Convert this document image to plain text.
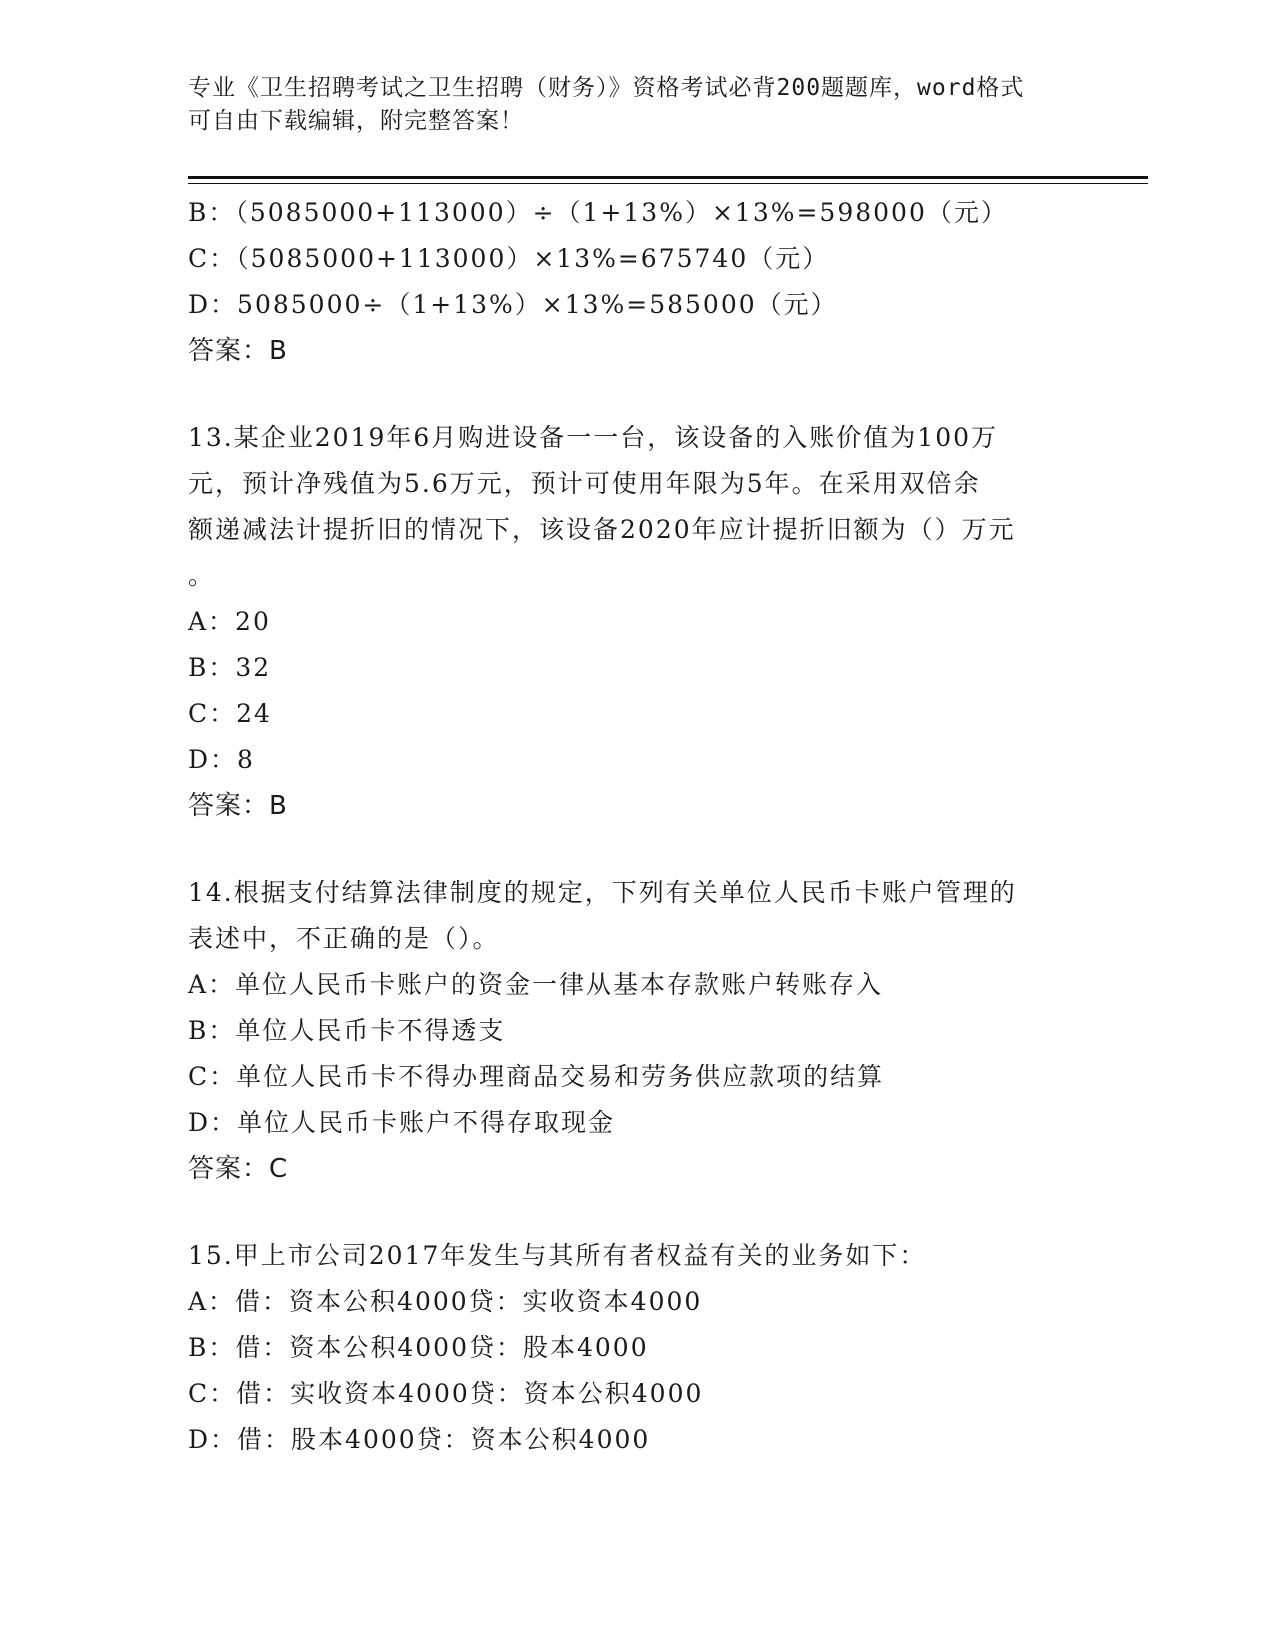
专业《卫生招聘考试之卫生招聘（财务）》资格考试必背200题题库，word格式
可自由下载编辑，附完整答案！
B：（5085000+113000）÷（1+13%）×13%=598000（元）
C：（5085000+113000）×13%=675740（元）
D：5085000÷（1+13%）×13%=585000（元）
答案：B
13.某企业2019年6月购进设备一一台，该设备的入账价值为100万
元，预计净残值为5.6万元，预计可使用年限为5年。在采用双倍余
额递减法计提折旧的情况下，该设备2020年应计提折旧额为（）万元
。
A：20
B：32
C：24
D：8
答案：B
14.根据支付结算法律制度的规定，下列有关单位人民币卡账户管理的
表述中，不正确的是（）。
A：单位人民币卡账户的资金一律从基本存款账户转账存入
B：单位人民币卡不得透支
C：单位人民币卡不得办理商品交易和劳务供应款项的结算
D：单位人民币卡账户不得存取现金
答案：C
15.甲上市公司2017年发生与其所有者权益有关的业务如下：
A：借：资本公积4000贷：实收资本4000
B：借：资本公积4000贷：股本4000
C：借：实收资本4000贷：资本公积4000
D：借：股本4000贷：资本公积4000
